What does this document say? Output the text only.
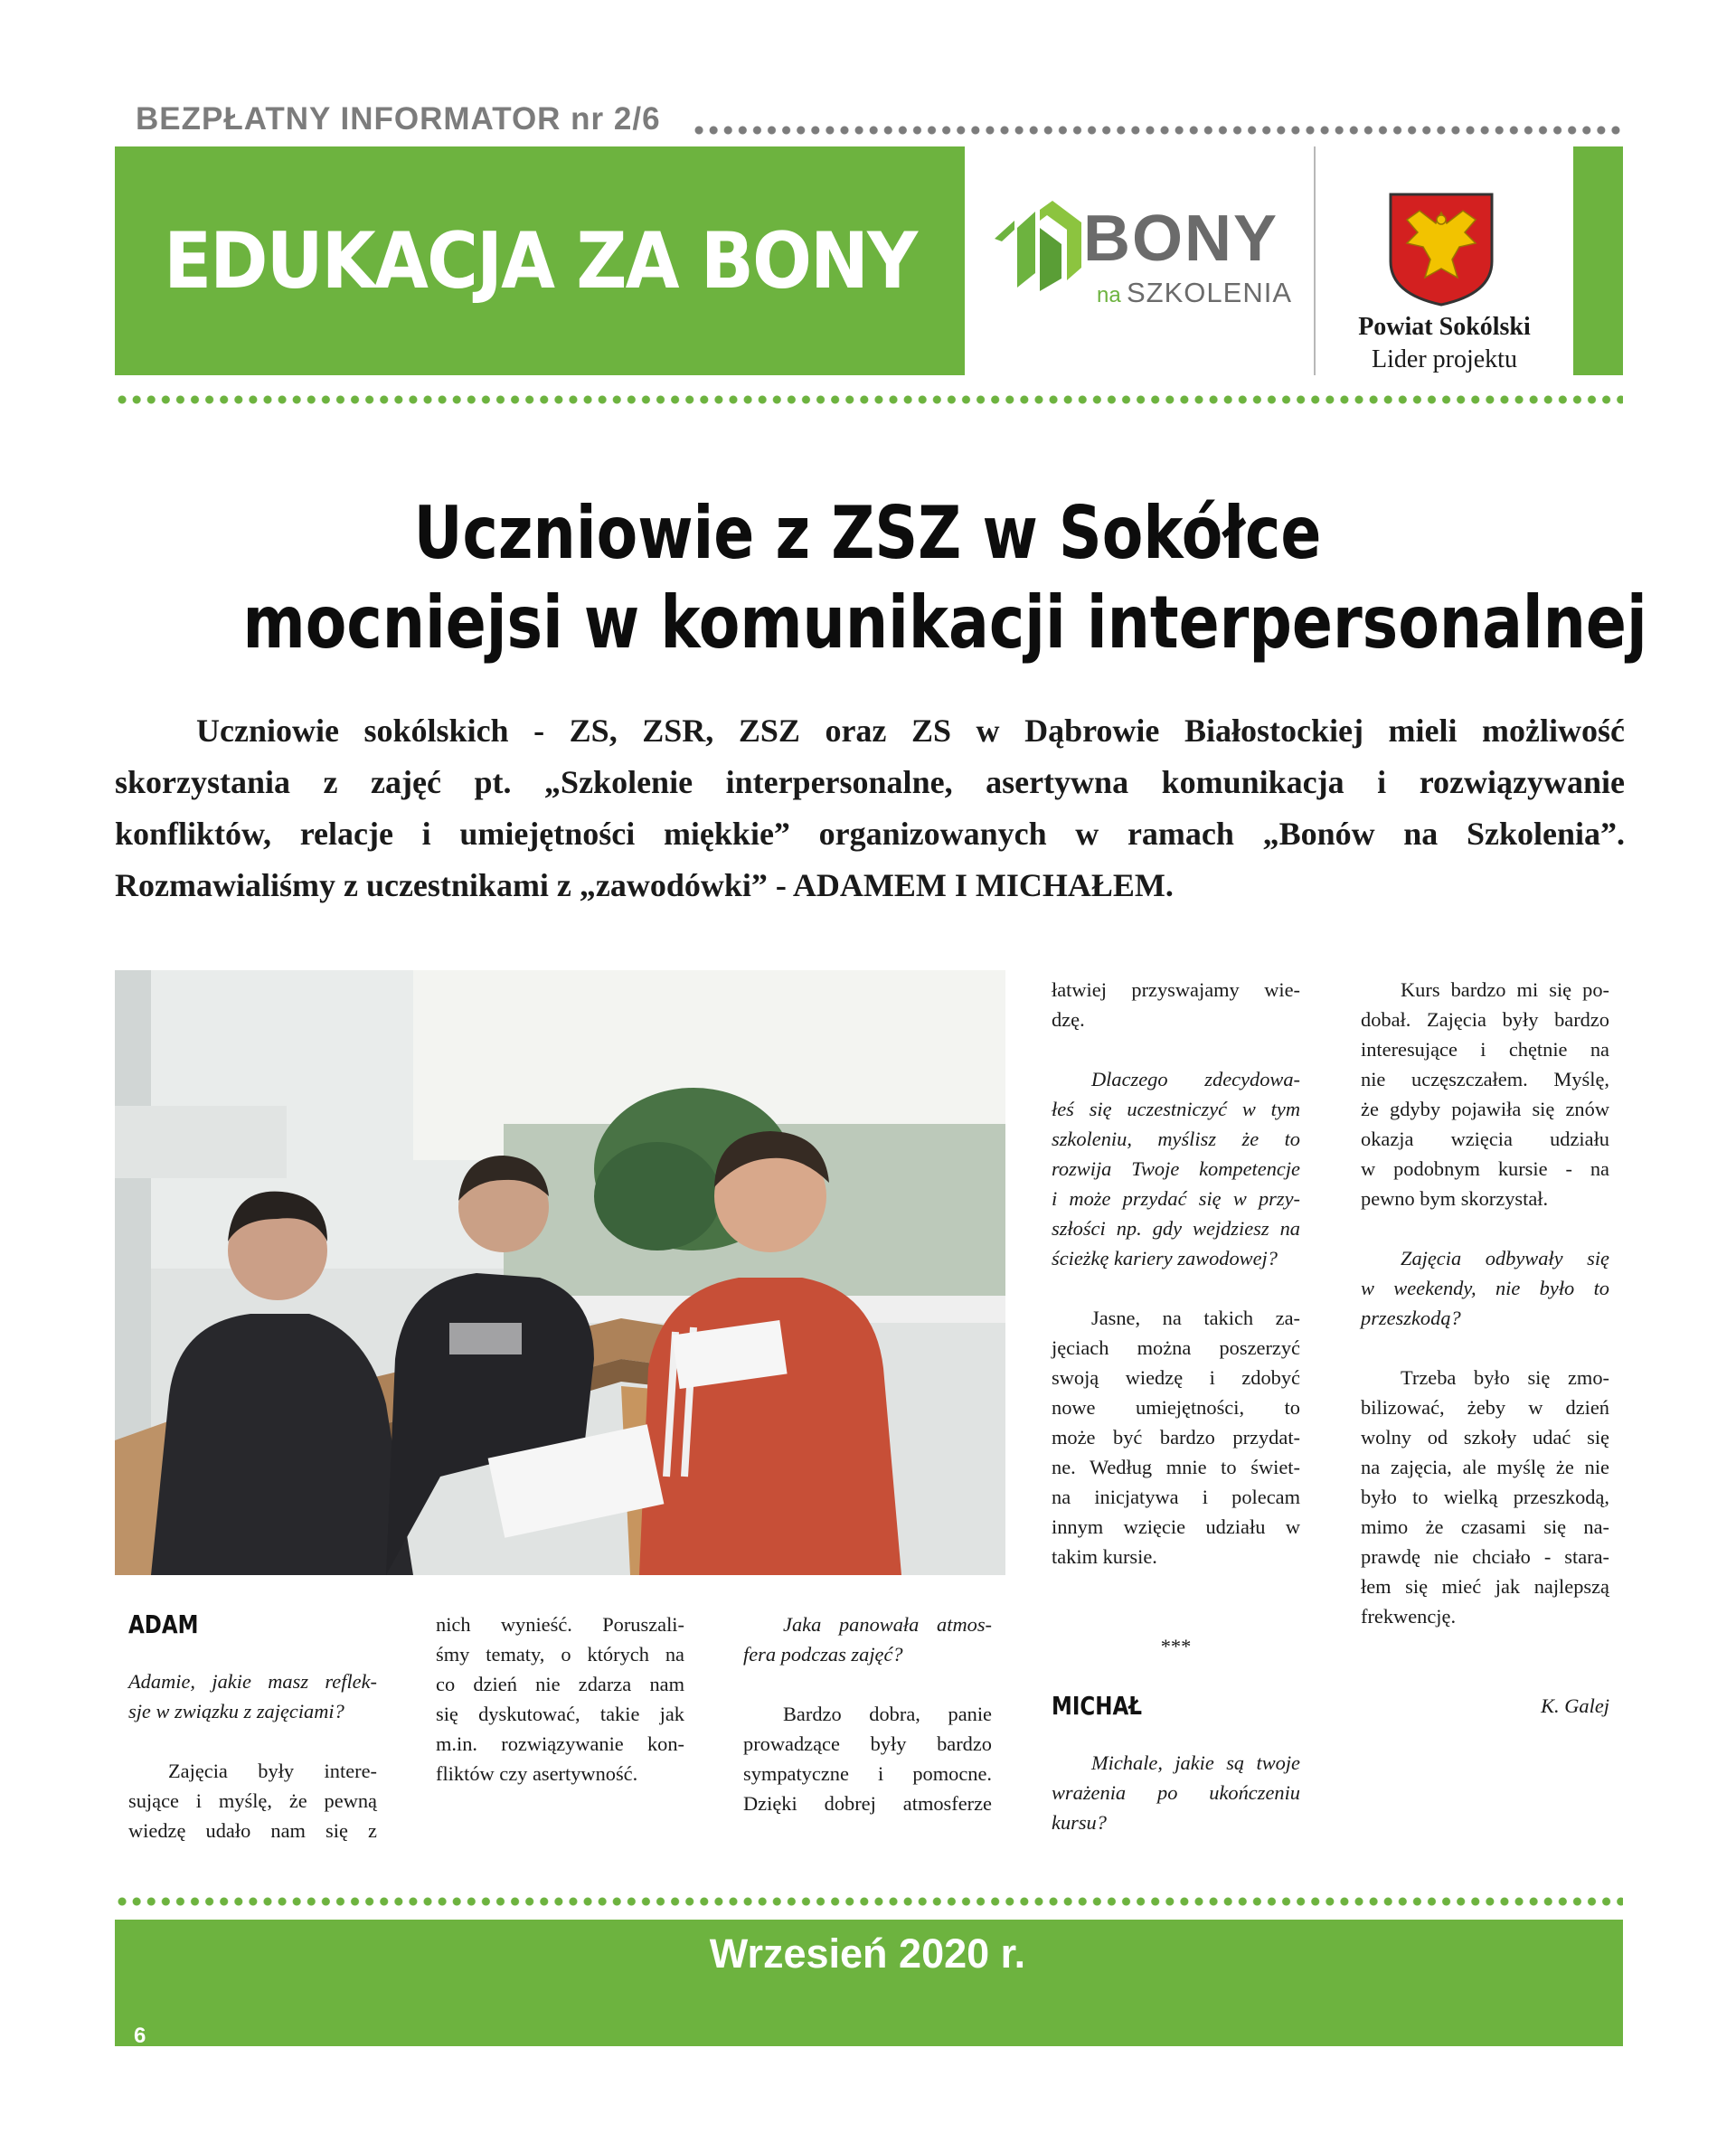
BEZPŁATNY INFORMATOR nr 2/6
EDUKACJA ZA BONY	BONY
na SZKOLENIA
Powiat Sokólski
Lider projektu
Uczniowie z ZSZ w Sokółce
mocniejsi w komunikacji interpersonalnej
Uczniowie sokólskich - ZS, ZSR, ZSZ oraz ZS w Dąbrowie Białostockiej mieli możliwość
skorzystania z zajęć pt. „Szkolenie interpersonalne, asertywna komunikacja i rozwiązywanie
konfliktów, relacje i umiejętności miękkie” organizowanych w ramach „Bonów na Szkolenia”.
Rozmawialiśmy z uczestnikami z „zawodówki” - ADAMEM I MICHAŁEM.
ADAM

Adamie, jakie masz reflek-
sje w związku z zajęciami?

Zajęcia były intere-
sujące i myślę, że pewną
wiedzę udało nam się z

nich wynieść. Poruszali-
śmy tematy, o których na
co dzień nie zdarza nam
się dyskutować, takie jak
m.in. rozwiązywanie kon-
fliktów czy asertywność.

Jaka panowała atmos-
fera podczas zajęć?

Bardzo dobra, panie
prowadzące były bardzo
sympatyczne i pomocne.
Dzięki dobrej atmosferze

łatwiej przyswajamy wie-
dzę.

Dlaczego zdecydowa-
łeś się uczestniczyć w tym
szkoleniu, myślisz że to
rozwija Twoje kompetencje
i może przydać się w przy-
szłości np. gdy wejdziesz na
ścieżkę kariery zawodowej?

Jasne, na takich za-
jęciach można poszerzyć
swoją wiedzę i zdobyć
nowe umiejętności, to
może być bardzo przydat-
ne. Według mnie to świet-
na inicjatywa i polecam
innym wzięcie udziału w
takim kursie.

***

MICHAŁ

Michale, jakie są twoje
wrażenia po ukończeniu
kursu?

Kurs bardzo mi się po-
dobał. Zajęcia były bardzo
interesujące i chętnie na
nie uczęszczałem. Myślę,
że gdyby pojawiła się znów
okazja wzięcia udziału
w podobnym kursie - na
pewno bym skorzystał.

Zajęcia odbywały się
w weekendy, nie było to
przeszkodą?

Trzeba było się zmo-
bilizować, żeby w dzień
wolny od szkoły udać się
na zajęcia, ale myślę że nie
było to wielką przeszkodą,
mimo że czasami się na-
prawdę nie chciało - stara-
łem się mieć jak najlepszą
frekwencję.

K. Galej

Wrzesień 2020 r.
6
